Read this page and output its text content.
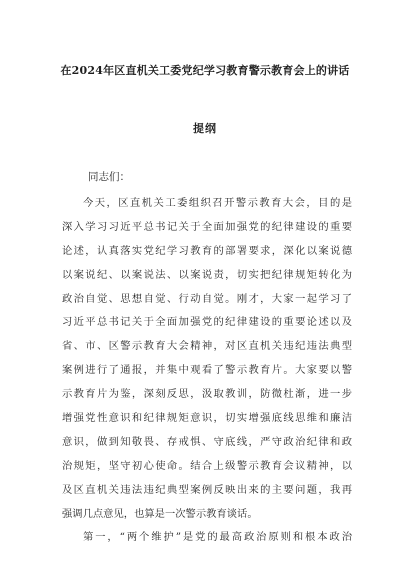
在2024年区直机关工委党纪学习教育警示教育会上的讲话
提纲
同志们：
今天，区直机关工委组织召开警示教育大会，目的是
深入学习习近平总书记关于全面加强党的纪律建设的重要
论述，认真落实党纪学习教育的部署要求，深化以案说德
以案说纪、以案说法、以案说责，切实把纪律规矩转化为
政治自觉、思想自觉、行动自觉。刚才，大家一起学习了
习近平总书记关于全面加强党的纪律建设的重要论述以及
省、市、区警示教育大会精神，对区直机关违纪违法典型
案例进行了通报，并集中观看了警示教育片。大家要以警
示教育片为鉴，深刻反思，汲取教训，防微杜渐，进一步
增强党性意识和纪律规矩意识，切实增强底线思维和廉洁
意识，做到知敬畏、存戒惧、守底线，严守政治纪律和政
治规矩，坚守初心使命。结合上级警示教育会议精神，以
及区直机关违法违纪典型案例反映出来的主要问题，我再
强调几点意见，也算是一次警示教育谈话。
第一，“两个维护”是党的最高政治原则和根本政治
